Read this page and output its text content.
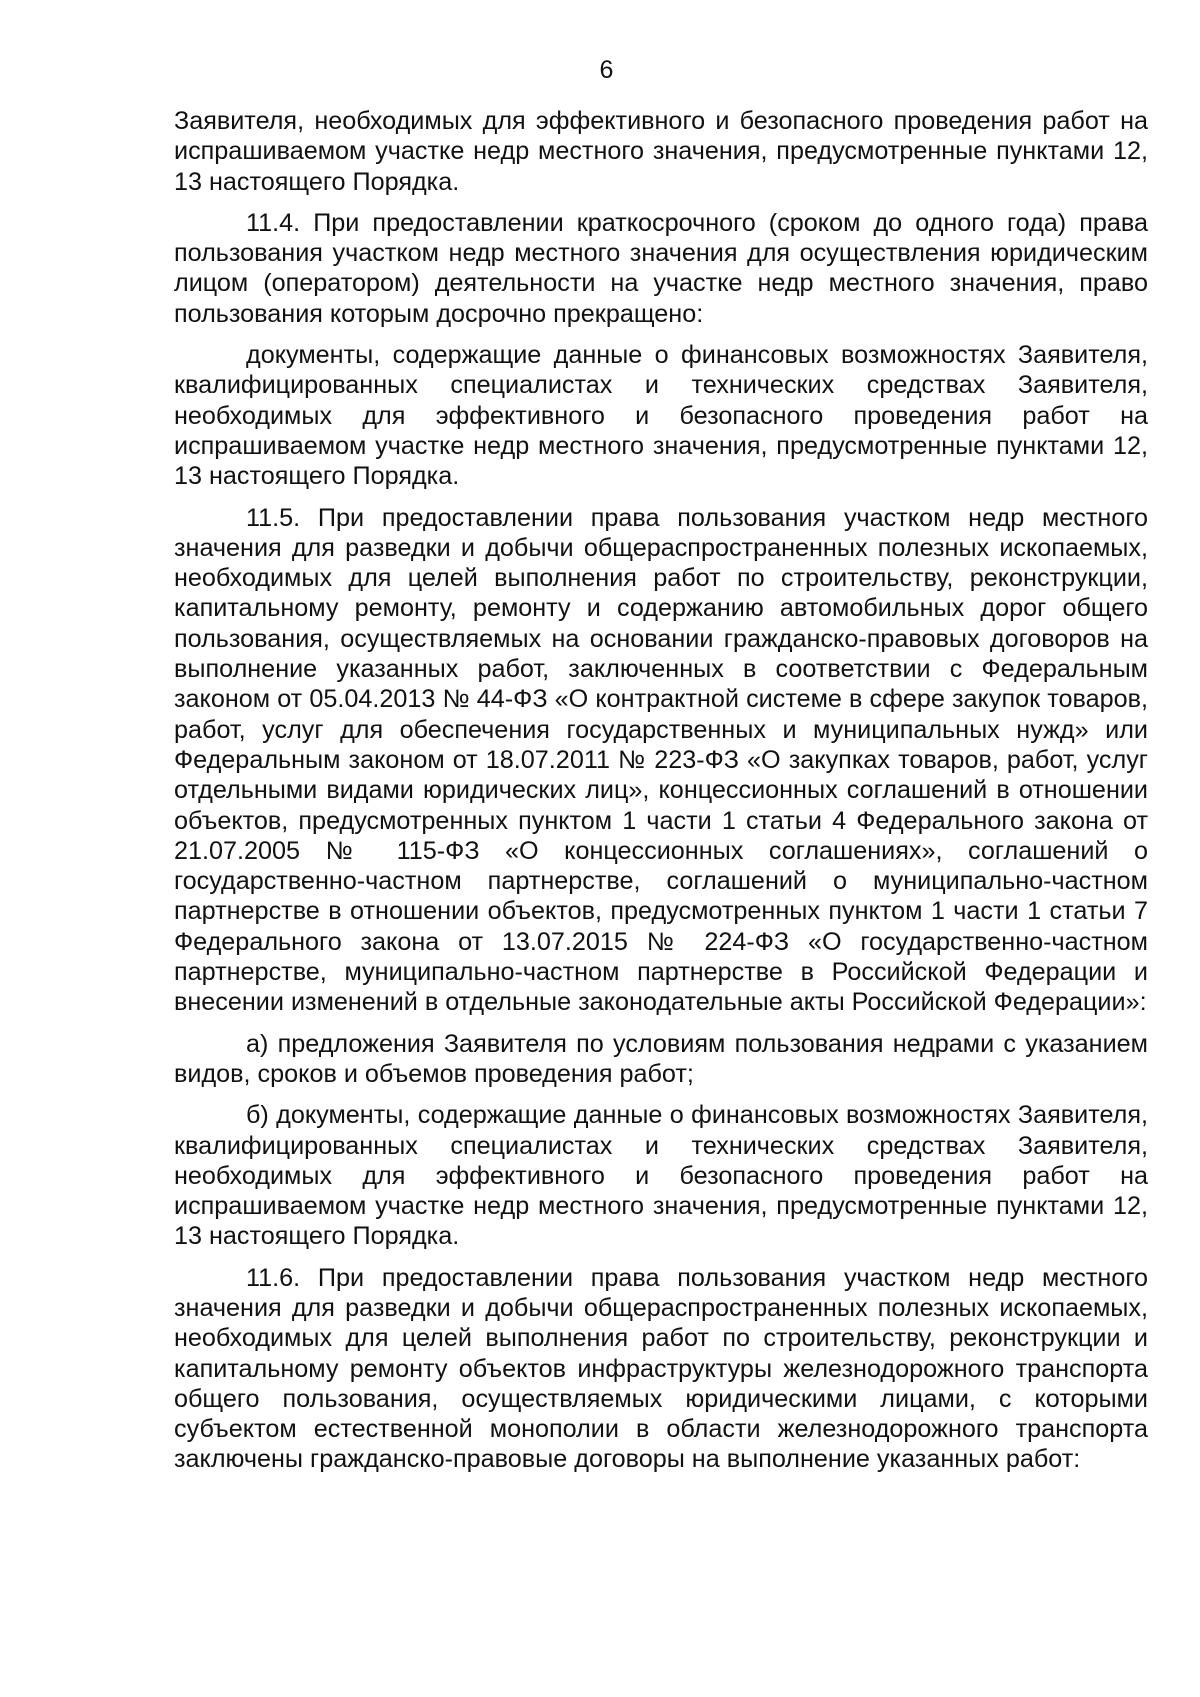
6

Заявителя, необходимых для эффективного и безопасного проведения работ на испрашиваемом участке недр местного значения, предусмотренные пунктами 12, 13 настоящего Порядка.

11.4. При предоставлении краткосрочного (сроком до одного года) права пользования участком недр местного значения для осуществления юридическим лицом (оператором) деятельности на участке недр местного значения, право пользования которым досрочно прекращено:

документы, содержащие данные о финансовых возможностях Заявителя, квалифицированных специалистах и технических средствах Заявителя, необходимых для эффективного и безопасного проведения работ на испрашиваемом участке недр местного значения, предусмотренные пунктами 12, 13 настоящего Порядка.

11.5. При предоставлении права пользования участком недр местного значения для разведки и добычи общераспространенных полезных ископаемых, необходимых для целей выполнения работ по строительству, реконструкции, капитальному ремонту, ремонту и содержанию автомобильных дорог общего пользования, осуществляемых на основании гражданско-правовых договоров на выполнение указанных работ, заключенных в соответствии с Федеральным законом от 05.04.2013 № 44-ФЗ «О контрактной системе в сфере закупок товаров, работ, услуг для обеспечения государственных и муниципальных нужд» или Федеральным законом от 18.07.2011 № 223-ФЗ «О закупках товаров, работ, услуг отдельными видами юридических лиц», концессионных соглашений в отношении объектов, предусмотренных пунктом 1 части 1 статьи 4 Федерального закона от 21.07.2005 № 115-ФЗ «О концессионных соглашениях», соглашений о государственно-частном партнерстве, соглашений о муниципально-частном партнерстве в отношении объектов, предусмотренных пунктом 1 части 1 статьи 7 Федерального закона от 13.07.2015 № 224-ФЗ «О государственно-частном партнерстве, муниципально-частном партнерстве в Российской Федерации и внесении изменений в отдельные законодательные акты Российской Федерации»:

а) предложения Заявителя по условиям пользования недрами с указанием видов, сроков и объемов проведения работ;

б) документы, содержащие данные о финансовых возможностях Заявителя, квалифицированных специалистах и технических средствах Заявителя, необходимых для эффективного и безопасного проведения работ на испрашиваемом участке недр местного значения, предусмотренные пунктами 12, 13 настоящего Порядка.

11.6. При предоставлении права пользования участком недр местного значения для разведки и добычи общераспространенных полезных ископаемых, необходимых для целей выполнения работ по строительству, реконструкции и капитальному ремонту объектов инфраструктуры железнодорожного транспорта общего пользования, осуществляемых юридическими лицами, с которыми субъектом естественной монополии в области железнодорожного транспорта заключены гражданско-правовые договоры на выполнение указанных работ:
